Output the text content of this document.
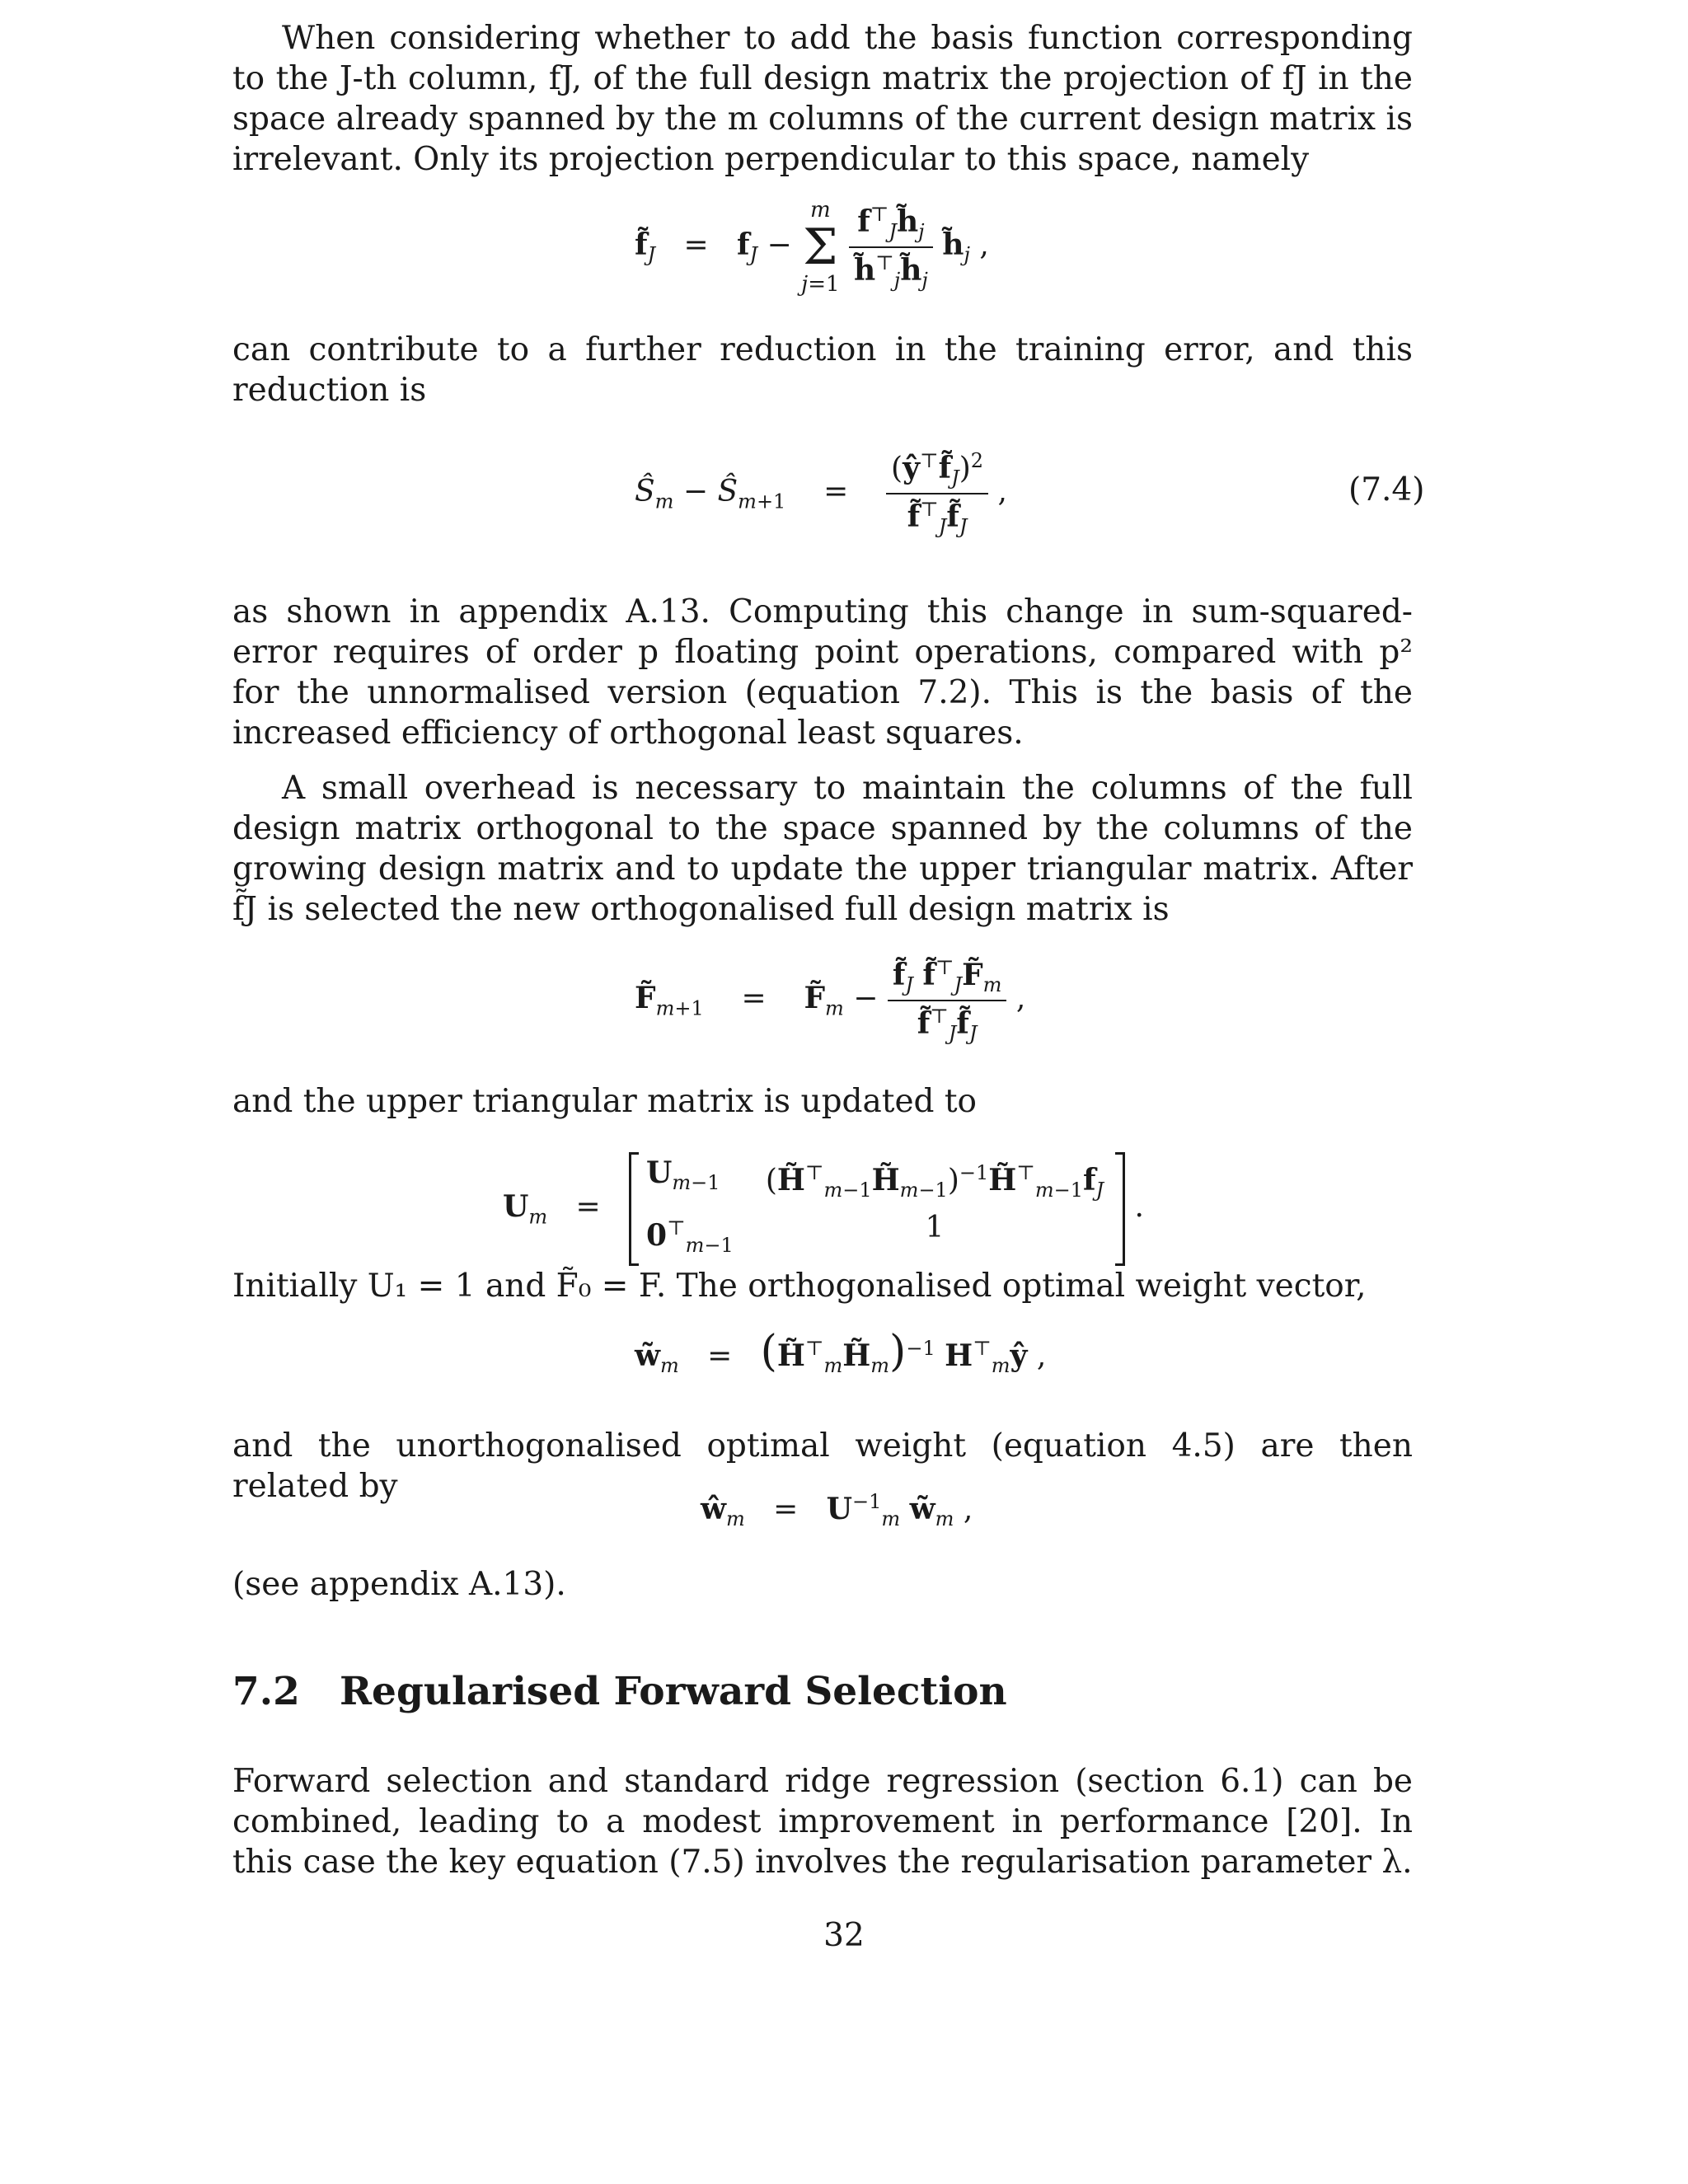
When considering whether to add the basis function corresponding to the J-th column, fJ, of the full design matrix the projection of fJ in the space already spanned by the m columns of the current design matrix is irrelevant. Only its projection perpendicular to this space, namely

$f̃_J = f_J$ −
m
Σ
j=1
$\frac{f^⊤_Jh̃_j}{h̃^⊤_jh̃_j}$ $h̃_j$ ,

can contribute to a further reduction in the training error, and this reduction is

$Ŝ_m$ − $Ŝ_{m+1}$    = $\frac{(ŷ^⊤f̃_J)^2}{f̃^⊤_Jf̃_J}$ ,	(7.4)

as shown in appendix A.13. Computing this change in sum-squared-error requires of order p floating point operations, compared with p² for the unnormalised version (equation 7.2). This is the basis of the increased efficiency of orthogonal least squares.

A small overhead is necessary to maintain the columns of the full design matrix orthogonal to the space spanned by the columns of the growing design matrix and to update the upper triangular matrix. After f̃J is selected the new orthogonalised full design matrix is

$F̃_{m+1}$    =    $F̃_m - \frac{f̃_J f̃^⊤_JF̃_m}{f̃^⊤_Jf̃_J}$ ,

and the upper triangular matrix is updated to

$U_m$   =
$U_{m-1}$ $(H̃^⊤_{m-1}H̃_{m-1})^{-1}H̃^⊤_{m-1}f_J$
$0^⊤_{m-1}$
1
.

Initially U₁ = 1 and F̃₀ = F. The orthogonalised optimal weight vector,

$w̃_m$   =   $(H̃^⊤_mH̃_m)^{-1}$ $H^⊤_mŷ$ ,

and the unorthogonalised optimal weight (equation 4.5) are then related by

$ŵ_m = U^{-1}_m$ $w̃_m$ ,

(see appendix A.13).

7.2 Regularised Forward Selection

Forward selection and standard ridge regression (section 6.1) can be combined, leading to a modest improvement in performance [20]. In this case the key equation (7.5) involves the regularisation parameter λ.

32
